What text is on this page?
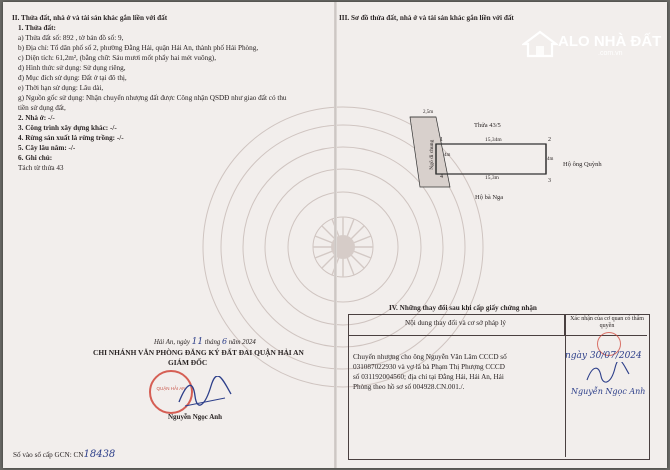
II. Thửa đất, nhà ở và tài sản khác gắn liền với đất
1. Thửa đất:
a) Thửa đất số: 892 , tờ bản đồ số: 9,
b) Địa chỉ: Tổ dân phố số 2, phường Đằng Hải, quận Hải An, thành phố Hải Phòng,
c) Diện tích: 61,2m², (bằng chữ: Sáu mươi mốt phẩy hai mét vuông),
d) Hình thức sử dụng: Sử dụng riêng,
đ) Mục đích sử dụng: Đất ở tại đô thị,
e) Thời hạn sử dụng: Lâu dài,
g) Nguồn gốc sử dụng: Nhận chuyển nhượng đất được Công nhận QSDĐ như giao đất có thu
tiền sử dụng đất,
2. Nhà ở: -/-
3. Công trình xây dựng khác: -/-
4. Rừng sản xuất là rừng trồng: -/-
5. Cây lâu năm: -/-
6. Ghi chú:
Tách từ thửa 43
Hải An, ngày 11 tháng 6 năm 2024
CHI NHÁNH VĂN PHÒNG ĐĂNG KÝ ĐẤT ĐAI QUẬN HẢI AN
GIÁM ĐỐC
QUẬN HẢI AN
Nguyễn Ngọc Anh
Số vào sổ cấp GCN: CN18438
III. Sơ đồ thửa đất, nhà ở và tài sản khác gắn liền với đất
2,5m
Thửa 43/5
Ngõ đi chung 1	2
3
4
15,34m
15,3m
4m
4m
Hộ ông Quỳnh
Hộ bà Nga
IV. Những thay đổi sau khi cấp giấy chứng nhận
Nội dung thay đổi và cơ sở pháp lý	Xác nhận của cơ quan có thẩm quyền
Chuyển nhượng cho ông Nguyễn Văn Lâm CCCD số
031087022930 và vợ là bà Phạm Thị Phượng CCCD
số 031192004560; địa chỉ tại Đằng Hải, Hải An, Hải
Phòng theo hồ sơ số 004928.CN.001./.
ngày 30/07/2024
Nguyễn Ngọc Anh
ALO NHÀ ĐẤT
.com.vn
